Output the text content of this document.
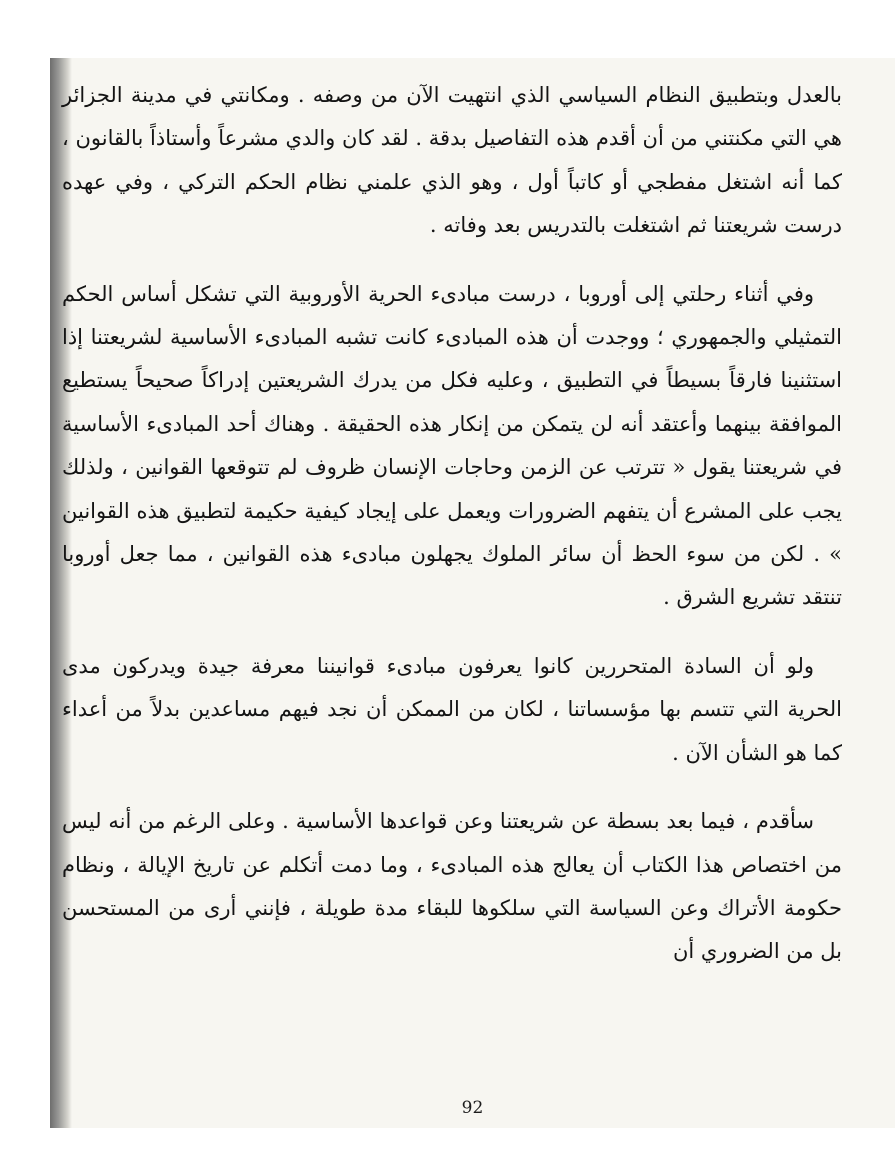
بالعدل وبتطبيق النظام السياسي الذي انتهيت الآن من وصفه . ومكانتي في مدينة الجزائر هي التي مكنتني من أن أقدم هذه التفاصيل بدقة . لقد كان والدي مشرعاً وأستاذاً بالقانون ، كما أنه اشتغل مفطجي أو كاتباً أول ، وهو الذي علمني نظام الحكم التركي ، وفي عهده درست شريعتنا ثم اشتغلت بالتدريس بعد وفاته .

وفي أثناء رحلتي إلى أوروبا ، درست مبادىء الحرية الأوروبية التي تشكل أساس الحكم التمثيلي والجمهوري ؛ ووجدت أن هذه المبادىء كانت تشبه المبادىء الأساسية لشريعتنا إذا استثنينا فارقاً بسيطاً في التطبيق ، وعليه فكل من يدرك الشريعتين إدراكاً صحيحاً يستطيع الموافقة بينهما وأعتقد أنه لن يتمكن من إنكار هذه الحقيقة . وهناك أحد المبادىء الأساسية في شريعتنا يقول « تترتب عن الزمن وحاجات الإنسان ظروف لم تتوقعها القوانين ، ولذلك يجب على المشرع أن يتفهم الضرورات ويعمل على إيجاد كيفية حكيمة لتطبيق هذه القوانين » . لكن من سوء الحظ أن سائر الملوك يجهلون مبادىء هذه القوانين ، مما جعل أوروبا تنتقد تشريع الشرق .

ولو أن السادة المتحررين كانوا يعرفون مبادىء قوانيننا معرفة جيدة ويدركون مدى الحرية التي تتسم بها مؤسساتنا ، لكان من الممكن أن نجد فيهم مساعدين بدلاً من أعداء كما هو الشأن الآن .

سأقدم ، فيما بعد بسطة عن شريعتنا وعن قواعدها الأساسية . وعلى الرغم من أنه ليس من اختصاص هذا الكتاب أن يعالج هذه المبادىء ، وما دمت أتكلم عن تاريخ الإيالة ، ونظام حكومة الأتراك وعن السياسة التي سلكوها للبقاء مدة طويلة ، فإنني أرى من المستحسن بل من الضروري أن

92
